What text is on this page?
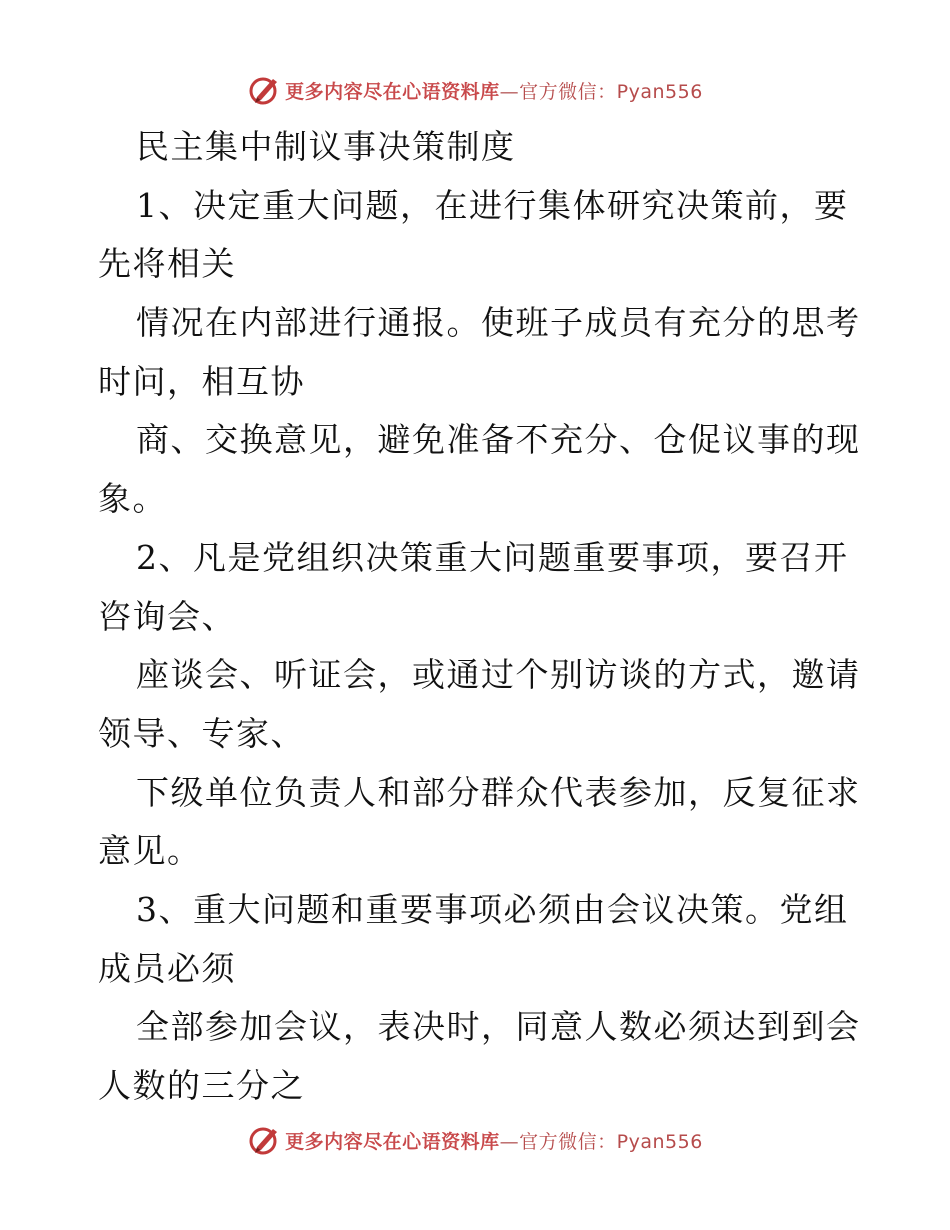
更多内容尽在心语资料库—官方微信：Pyan556
民主集中制议事决策制度
1、决定重大问题，在进行集体研究决策前，要
先将相关
情况在内部进行通报。使班子成员有充分的思考
时问，相互协
商、交换意见，避免准备不充分、仓促议事的现
象。
2、凡是党组织决策重大问题重要事项，要召开
咨询会、
座谈会、听证会，或通过个别访谈的方式，邀请
领导、专家、
下级单位负责人和部分群众代表参加，反复征求
意见。
3、重大问题和重要事项必须由会议决策。党组
成员必须
全部参加会议，表决时，同意人数必须达到到会
人数的三分之
更多内容尽在心语资料库—官方微信：Pyan556
